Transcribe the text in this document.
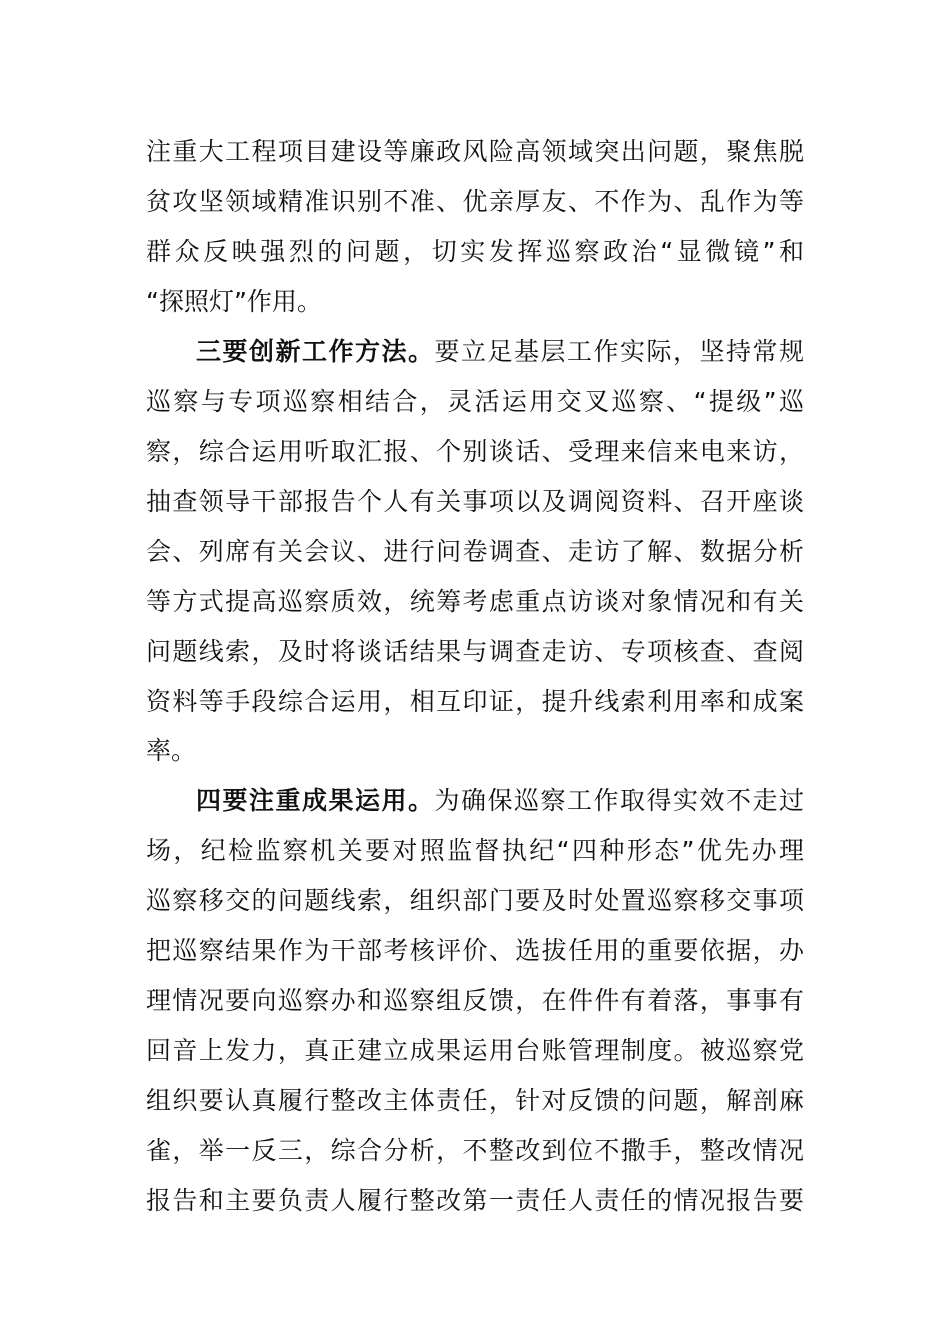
注重大工程项目建设等廉政风险高领域突出问题，聚焦脱
贫攻坚领域精准识别不准、优亲厚友、不作为、乱作为等
群众反映强烈的问题，切实发挥巡察政治“显微镜”和
“探照灯”作用。
三要创新工作方法。要立足基层工作实际，坚持常规
巡察与专项巡察相结合，灵活运用交叉巡察、“提级”巡
察，综合运用听取汇报、个别谈话、受理来信来电来访，
抽查领导干部报告个人有关事项以及调阅资料、召开座谈
会、列席有关会议、进行问卷调查、走访了解、数据分析
等方式提高巡察质效，统筹考虑重点访谈对象情况和有关
问题线索，及时将谈话结果与调查走访、专项核查、查阅
资料等手段综合运用，相互印证，提升线索利用率和成案
率。
四要注重成果运用。为确保巡察工作取得实效不走过
场，纪检监察机关要对照监督执纪“四种形态”优先办理
巡察移交的问题线索，组织部门要及时处置巡察移交事项
把巡察结果作为干部考核评价、选拔任用的重要依据，办
理情况要向巡察办和巡察组反馈，在件件有着落，事事有
回音上发力，真正建立成果运用台账管理制度。被巡察党
组织要认真履行整改主体责任，针对反馈的问题，解剖麻
雀，举一反三，综合分析，不整改到位不撒手，整改情况
报告和主要负责人履行整改第一责任人责任的情况报告要
